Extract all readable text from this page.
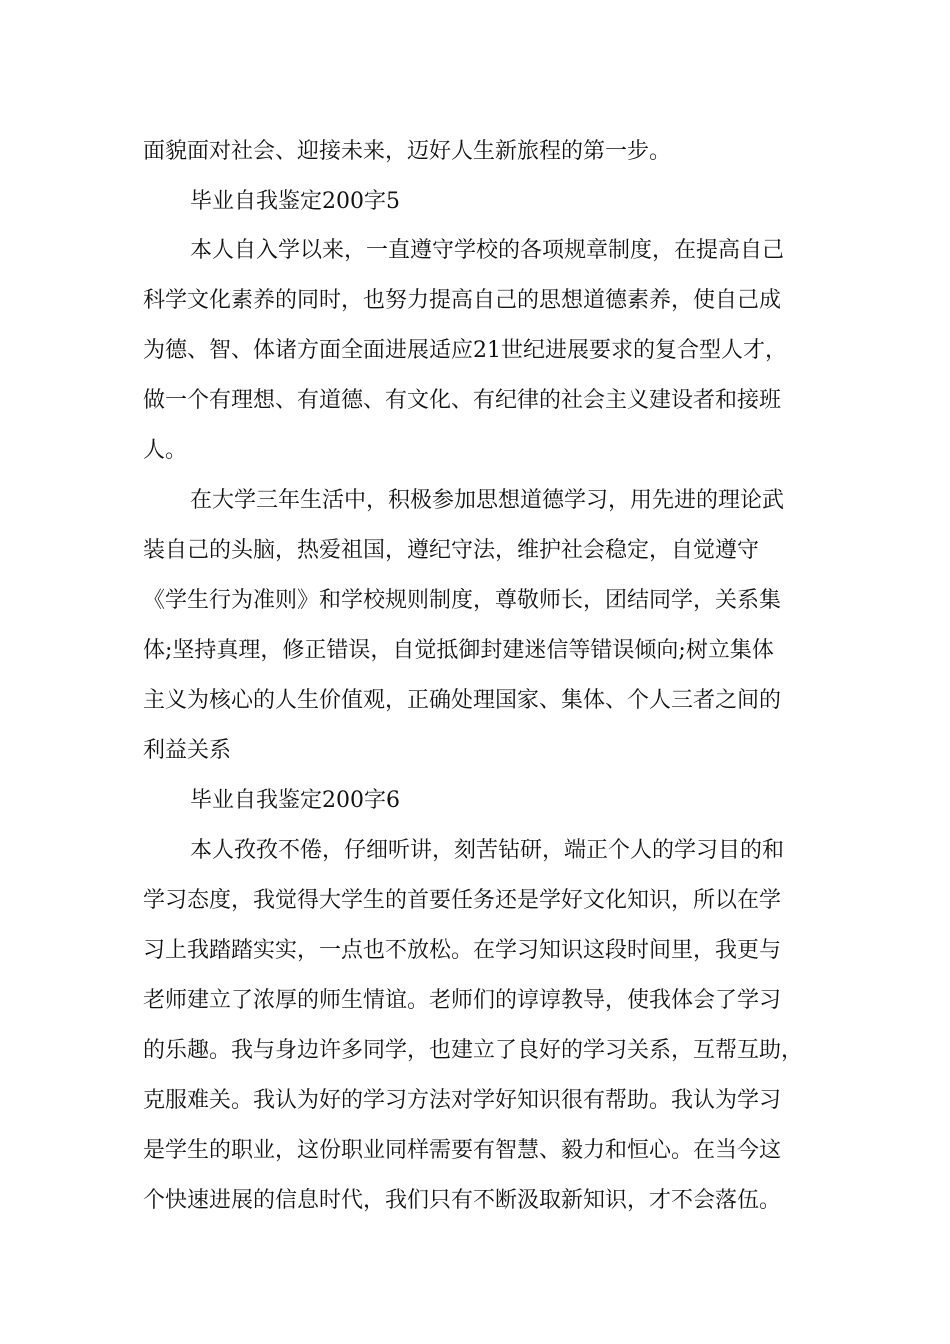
面貌面对社会、迎接未来，迈好人生新旅程的第一步。
毕业自我鉴定200字5
本人自入学以来，一直遵守学校的各项规章制度，在提高自己
科学文化素养的同时，也努力提高自己的思想道德素养，使自己成
为德、智、体诸方面全面进展适应21世纪进展要求的复合型人才，
做一个有理想、有道德、有文化、有纪律的社会主义建设者和接班
人。
在大学三年生活中，积极参加思想道德学习，用先进的理论武
装自己的头脑，热爱祖国，遵纪守法，维护社会稳定，自觉遵守
《学生行为准则》和学校规则制度，尊敬师长，团结同学，关系集
体;坚持真理，修正错误，自觉抵御封建迷信等错误倾向;树立集体
主义为核心的人生价值观，正确处理国家、集体、个人三者之间的
利益关系
毕业自我鉴定200字6
本人孜孜不倦，仔细听讲，刻苦钻研，端正个人的学习目的和
学习态度，我觉得大学生的首要任务还是学好文化知识，所以在学
习上我踏踏实实，一点也不放松。在学习知识这段时间里，我更与
老师建立了浓厚的师生情谊。老师们的谆谆教导，使我体会了学习
的乐趣。我与身边许多同学，也建立了良好的学习关系，互帮互助，
克服难关。我认为好的学习方法对学好知识很有帮助。我认为学习
是学生的职业，这份职业同样需要有智慧、毅力和恒心。在当今这
个快速进展的信息时代，我们只有不断汲取新知识，才不会落伍。
